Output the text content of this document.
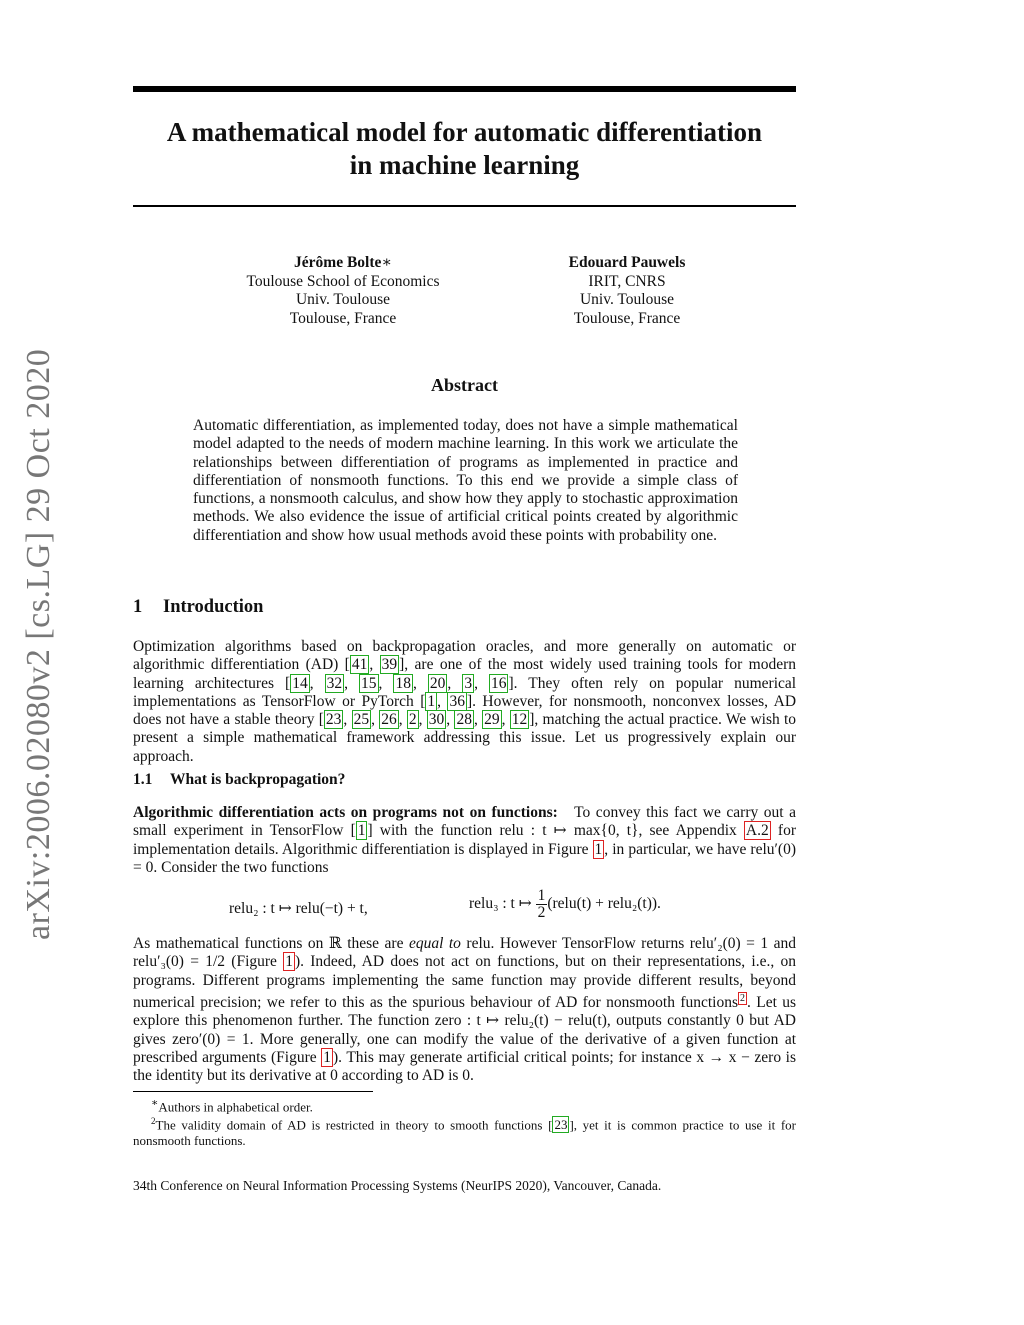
arXiv:2006.02080v2 [cs.LG] 29 Oct 2020
A mathematical model for automatic differentiation
in machine learning
Jérôme Bolte∗
Toulouse School of Economics
Univ. Toulouse
Toulouse, France
Edouard Pauwels
IRIT, CNRS
Univ. Toulouse
Toulouse, France
Abstract
Automatic differentiation, as implemented today, does not have a simple mathematical model adapted to the needs of modern machine learning. In this work we articulate the relationships between differentiation of programs as implemented in practice and differentiation of nonsmooth functions. To this end we provide a simple class of functions, a nonsmooth calculus, and show how they apply to stochastic approximation methods. We also evidence the issue of artificial critical points created by algorithmic differentiation and show how usual methods avoid these points with probability one.
1 Introduction
Optimization algorithms based on backpropagation oracles, and more generally on automatic or algorithmic differentiation (AD) [ 41 , 39 ], are one of the most widely used training tools for modern learning architectures [ 14 , 32 , 15 , 18 , 20 , 3 , 16 ]. They often rely on popular numerical implementations as TensorFlow or PyTorch [ 1 , 36 ]. However, for nonsmooth, nonconvex losses, AD does not have a stable theory [ 23 , 25 , 26 , 2 , 30 , 28 , 29 , 12 ], matching the actual practice. We wish to present a simple mathematical framework addressing this issue. Let us progressively explain our approach.
1.1 What is backpropagation?
Algorithmic differentiation acts on programs not on functions: To convey this fact we carry out a small experiment in TensorFlow [ 1 ] with the function relu : t ↦ max{0, t}, see Appendix A.2 for implementation details. Algorithmic differentiation is displayed in Figure 1 , in particular, we have relu′(0) = 0. Consider the two functions
relu₂ : t ↦ relu(−t) + t,	relu₃ : t ↦ $\frac{1}{2}$ (relu(t) + relu₂(t)).
As mathematical functions on ℝ these are equal to relu. However TensorFlow returns relu′₂(0) = 1 and relu′₃(0) = 1/2 (Figure 1 ). Indeed, AD does not act on functions, but on their representations, i.e., on programs. Different programs implementing the same function may provide different results, beyond numerical precision; we refer to this as the spurious behaviour of AD for nonsmooth functions $^2$ . Let us explore this phenomenon further. The function zero : t ↦ relu₂(t) − relu(t), outputs constantly 0 but AD gives zero′(0) = 1. More generally, one can modify the value of the derivative of a given function at prescribed arguments (Figure 1 ). This may generate artificial critical points; for instance x → x − zero is the identity but its derivative at 0 according to AD is 0.
∗Authors in alphabetical order.
$^2$The validity domain of AD is restricted in theory to smooth functions [ 23 ], yet it is common practice to use it for nonsmooth functions.
34th Conference on Neural Information Processing Systems (NeurIPS 2020), Vancouver, Canada.
